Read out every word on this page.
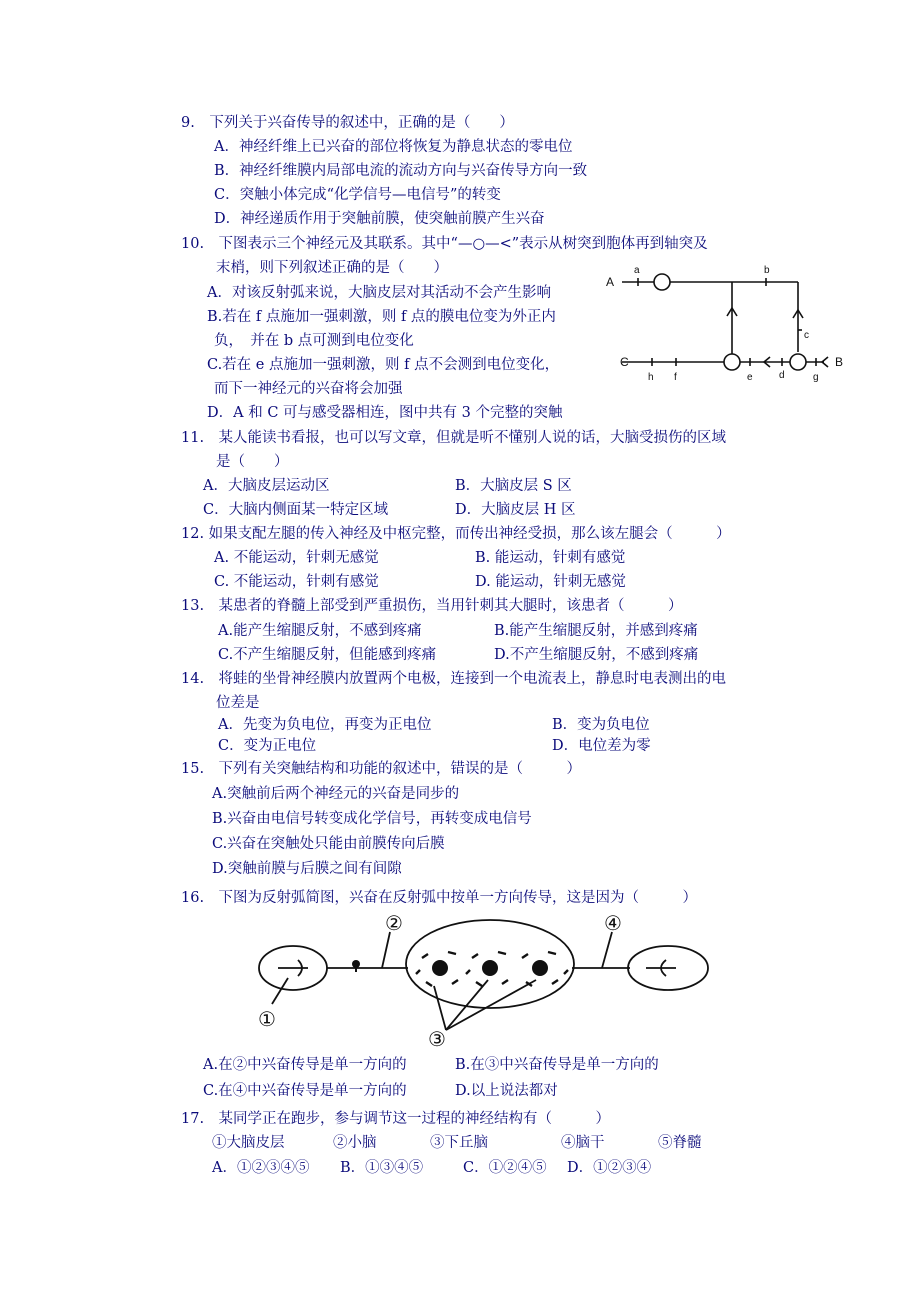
9.　下列关于兴奋传导的叙述中，正确的是（　　）
A．神经纤维上已兴奋的部位将恢复为静息状态的零电位
B．神经纤维膜内局部电流的流动方向与兴奋传导方向一致
C．突触小体完成“化学信号—电信号”的转变
D．神经递质作用于突触前膜，使突触前膜产生兴奋
10.　下图表示三个神经元及其联系。其中“—○—<”表示从树突到胞体再到轴突及
末梢，则下列叙述正确的是（　　）
A．对该反射弧来说，大脑皮层对其活动不会产生影响
B.若在 f 点施加一强刺激，则 f 点的膜电位变为外正内
负，　并在 b 点可测到电位变化
C.若在 e 点施加一强刺激，则 f 点不会测到电位变化，
而下一神经元的兴奋将会加强
D．A 和 C 可与感受器相连，图中共有 3 个完整的突触
A
a	b
c
C
h f	e	d	g
B
11.　某人能读书看报，也可以写文章，但就是听不懂别人说的话，大脑受损伤的区域
是（　　）
A．大脑皮层运动区	B．大脑皮层 S 区
C．大脑内侧面某一特定区域	D．大脑皮层 H 区
12. 如果支配左腿的传入神经及中枢完整，而传出神经受损，那么该左腿会（　　　）
A. 不能运动，针刺无感觉	B. 能运动，针刺有感觉
C. 不能运动，针刺有感觉	D. 能运动，针刺无感觉
13.　某患者的脊髓上部受到严重损伤，当用针刺其大腿时，该患者（　　　）
A.能产生缩腿反射，不感到疼痛	B.能产生缩腿反射，并感到疼痛
C.不产生缩腿反射，但能感到疼痛	D.不产生缩腿反射，不感到疼痛
14.　将蛙的坐骨神经膜内放置两个电极，连接到一个电流表上，静息时电表测出的电
位差是
A．先变为负电位，再变为正电位	B．变为负电位
C．变为正电位	D．电位差为零
15.　下列有关突触结构和功能的叙述中，错误的是（　　　）
A.突触前后两个神经元的兴奋是同步的
B.兴奋由电信号转变成化学信号，再转变成电信号
C.兴奋在突触处只能由前膜传向后膜
D.突触前膜与后膜之间有间隙
16.　下图为反射弧简图，兴奋在反射弧中按单一方向传导，这是因为（　　　）
②	④
①
③
A.在②中兴奋传导是单一方向的	B.在③中兴奋传导是单一方向的
C.在④中兴奋传导是单一方向的	D.以上说法都对
17.　某同学正在跑步，参与调节这一过程的神经结构有（　　　）
①大脑皮层	②小脑	③下丘脑	④脑干	⑤脊髓
A．①②③④⑤ B．①③④⑤	C．①②④⑤ D．①②③④
